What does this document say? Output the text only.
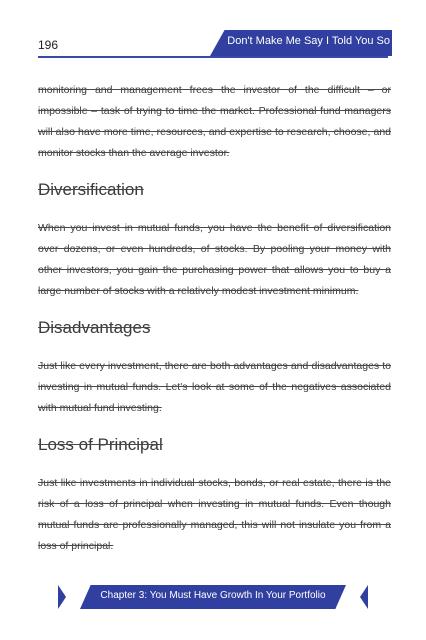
196	Don't Make Me Say I Told You So

monitoring and management frees the investor of the difficult – or impossible – task of trying to time the market. Professional fund managers will also have more time, resources, and expertise to research, choose, and monitor stocks than the average investor.

Diversification

When you invest in mutual funds, you have the benefit of diversification over dozens, or even hundreds, of stocks. By pooling your money with other investors, you gain the purchasing power that allows you to buy a large number of stocks with a relatively modest investment minimum.

Disadvantages

Just like every investment, there are both advantages and disadvantages to investing in mutual funds. Let's look at some of the negatives associated with mutual fund investing.

Loss of Principal

Just like investments in individual stocks, bonds, or real estate, there is the risk of a loss of principal when investing in mutual funds. Even though mutual funds are professionally managed, this will not insulate you from a loss of principal.

Chapter 3: You Must Have Growth In Your Portfolio
